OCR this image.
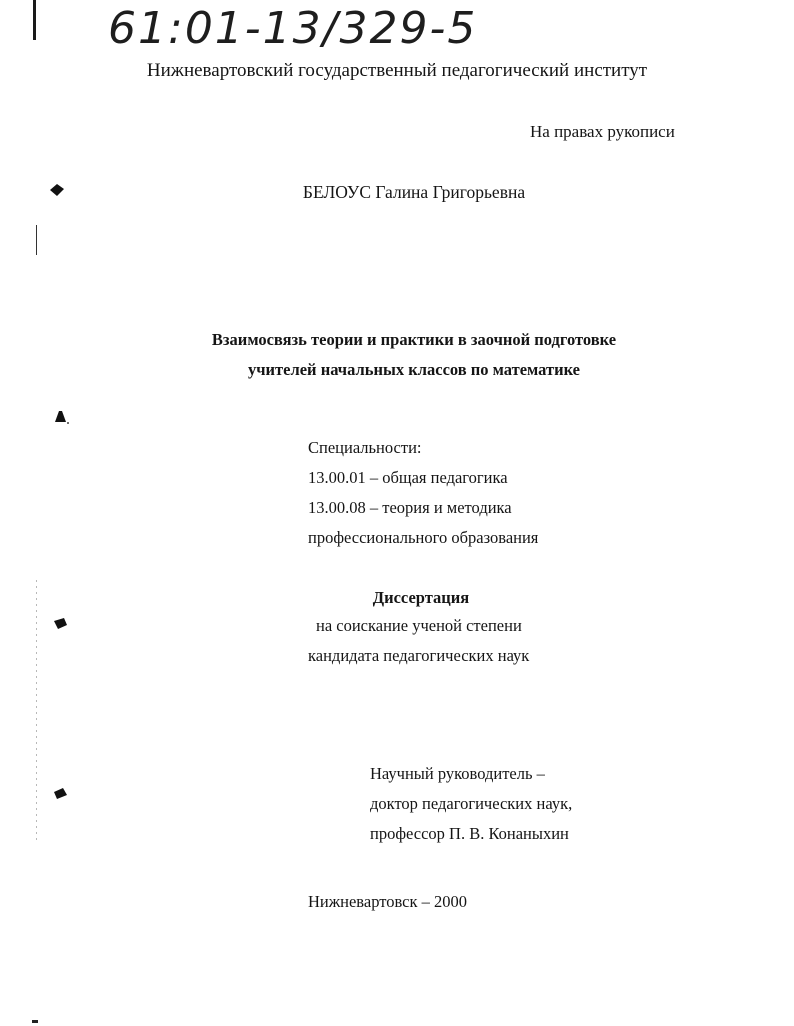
61:01-13/329-5
Нижневартовский государственный педагогический институт
На правах рукописи
БЕЛОУС Галина Григорьевна
Взаимосвязь теории и практики в заочной подготовке
учителей начальных классов по математике
Специальности:
13.00.01 – общая педагогика
13.00.08 – теория и методика
профессионального образования
Диссертация
на соискание ученой степени
кандидата педагогических наук
Научный руководитель –
доктор педагогических наук,
профессор П. В. Конаныхин
Нижневартовск – 2000
